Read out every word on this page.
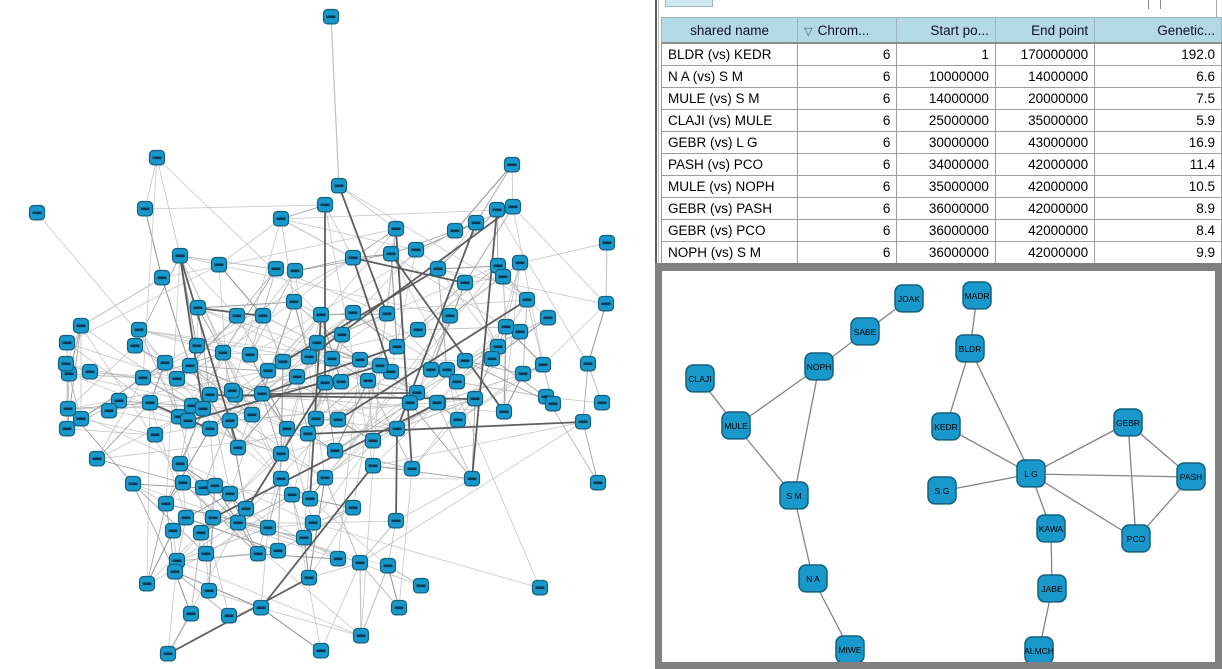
shared name	▽ Chrom...	Start po...	End point	Genetic...
BLDR (vs) KEDR	6	1	170000000	192.0
N A (vs) S M	6	10000000	14000000	6.6
MULE (vs) S M	6	14000000	20000000	7.5
CLAJI (vs) MULE	6	25000000	35000000	5.9
GEBR (vs) L G	6	30000000	43000000	16.9
PASH (vs) PCO	6	34000000	42000000	11.4
MULE (vs) NOPH	6	35000000	42000000	10.5
GEBR (vs) PASH	6	36000000	42000000	8.9
GEBR (vs) PCO	6	36000000	42000000	8.4
NOPH (vs) S M	6	36000000	42000000	9.9
JOAK	MADR
SABE
BLDR
NOPH
CLAJI
MULE	KEDR	GEBR
L G	PASH
S G
S M
KAWA
PCO
N A
JABE
MIWE	ALMCH
